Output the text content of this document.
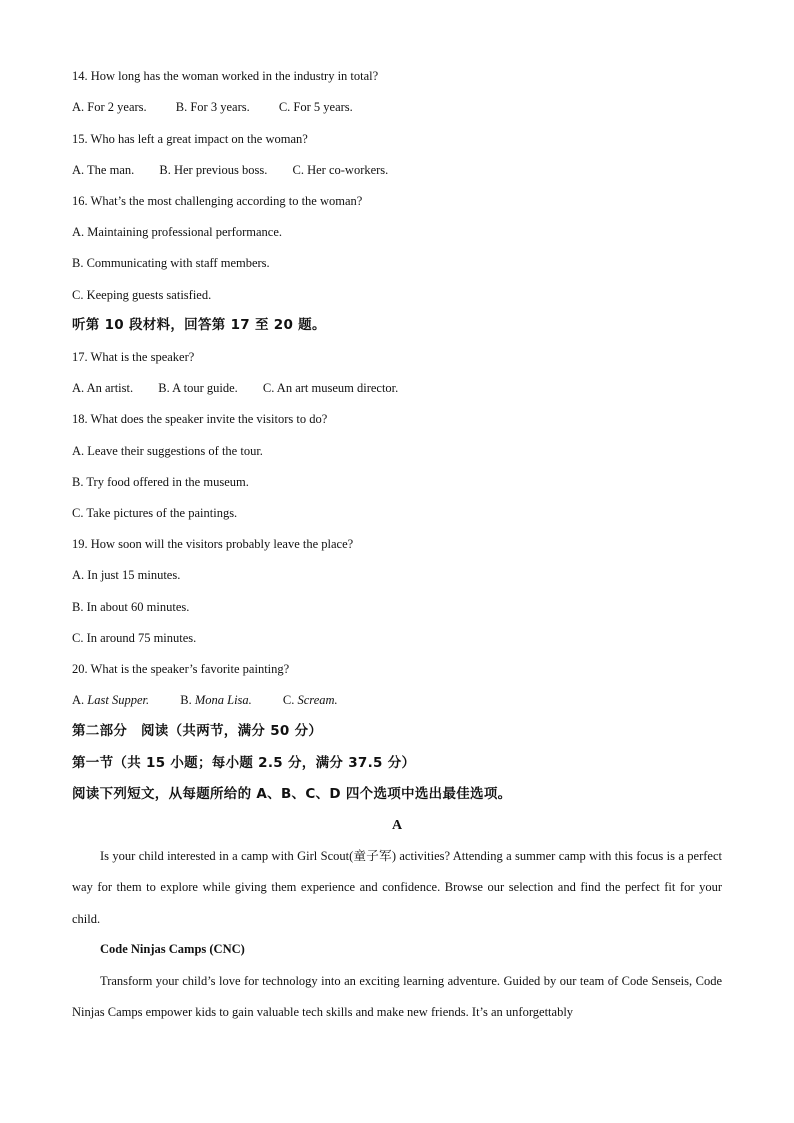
14. How long has the woman worked in the industry in total?
A. For 2 years. B. For 3 years. C. For 5 years.
15. Who has left a great impact on the woman?
A. The man. B. Her previous boss. C. Her co-workers.
16. What’s the most challenging according to the woman?
A. Maintaining professional performance.
B. Communicating with staff members.
C. Keeping guests satisfied.
听第 10 段材料，回答第 17 至 20 题。
17. What is the speaker?
A. An artist. B. A tour guide. C. An art museum director.
18. What does the speaker invite the visitors to do?
A. Leave their suggestions of the tour.
B. Try food offered in the museum.
C. Take pictures of the paintings.
19. How soon will the visitors probably leave the place?
A. In just 15 minutes.
B. In about 60 minutes.
C. In around 75 minutes.
20. What is the speaker’s favorite painting?
A. Last Supper. B. Mona Lisa. C. Scream.
第二部分　阅读（共两节，满分 50 分）
第一节（共 15 小题；每小题 2.5 分，满分 37.5 分）
阅读下列短文，从每题所给的 A、B、C、D 四个选项中选出最佳选项。
A

Is your child interested in a camp with Girl Scout(童子军) activities? Attending a summer camp with this focus is a perfect way for them to explore while giving them experience and confidence. Browse our selection and find the perfect fit for your child.

Code Ninjas Camps (CNC)

Transform your child’s love for technology into an exciting learning adventure. Guided by our team of Code Senseis, Code Ninjas Camps empower kids to gain valuable tech skills and make new friends. It’s an unforgettably
